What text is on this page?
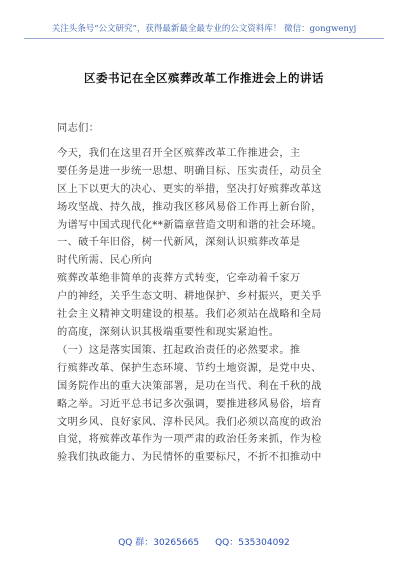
关注头条号“公文研究”，获得最新最全最专业的公文资料库！ 微信：gongwenyj
区委书记在全区殡葬改革工作推进会上的讲话

同志们：

今天，我们在这里召开全区殡葬改革工作推进会，主

要任务是进一步统一思想、明确目标、压实责任，动员全

区上下以更大的决心、更实的举措，坚决打好殡葬改革这

场攻坚战、持久战，推动我区移风易俗工作再上新台阶，

为谱写中国式现代化**新篇章营造文明和谐的社会环境。

一、破千年旧俗，树一代新风，深刻认识殡葬改革是

时代所需、民心所向

殡葬改革绝非简单的丧葬方式转变，它牵动着千家万

户的神经，关乎生态文明、耕地保护、乡村振兴，更关乎

社会主义精神文明建设的根基。我们必须站在战略和全局

的高度，深刻认识其极端重要性和现实紧迫性。

（一）这是落实国策、扛起政治责任的必然要求。推

行殡葬改革、保护生态环境、节约土地资源，是党中央、

国务院作出的重大决策部署，是功在当代、利在千秋的战

略之举。习近平总书记多次强调，要推进移风易俗，培育

文明乡风、良好家风、淳朴民风。我们必须以高度的政治

自觉，将殡葬改革作为一项严肃的政治任务来抓，作为检

验我们执政能力、为民情怀的重要标尺，不折不扣推动中

QQ 群：30265665 QQ：535304092
